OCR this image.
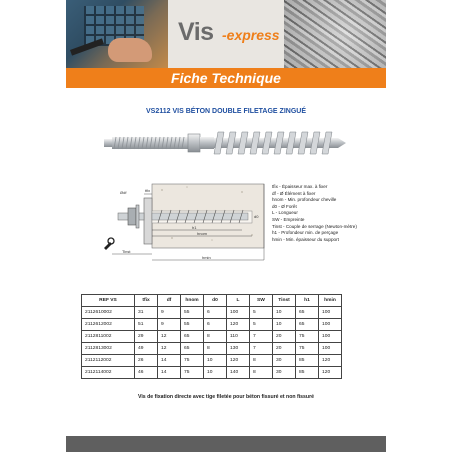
Vis -express
Fiche Technique
VS2112 VIS BÉTON DOUBLE FILETAGE ZINGUÉ
Ødf	tfix
h1
hnom
hmin
d0
Tinst
tfix - Épaisseur max. à fixer
df - Ø Élément à fixer
hnom - Min. profondeur cheville
d0 - Ø Forêt
L - Longueur
SW - Empreinte
Tinst - Couple de serrage (Newton-mètre)
h1 - Profondeur min. de perçage
hmin - Min. épaisseur du support
REF VS	tfix	df	hnom	d0	L	SW	Tinst	h1	hmin
2112610002	31	9	55	6	100	5	10	65	100
2112612002	51	9	55	6	120	5	10	65	100
2112811002	29	12	65	8	110	7	20	75	100
2112813002	49	12	65	8	130	7	20	75	100
2112112002	26	14	75	10	120	8	30	85	120
2112114002	46	14	75	10	140	8	30	85	120
Vis de fixation directe avec tige filetée pour béton fissuré et non fissuré
